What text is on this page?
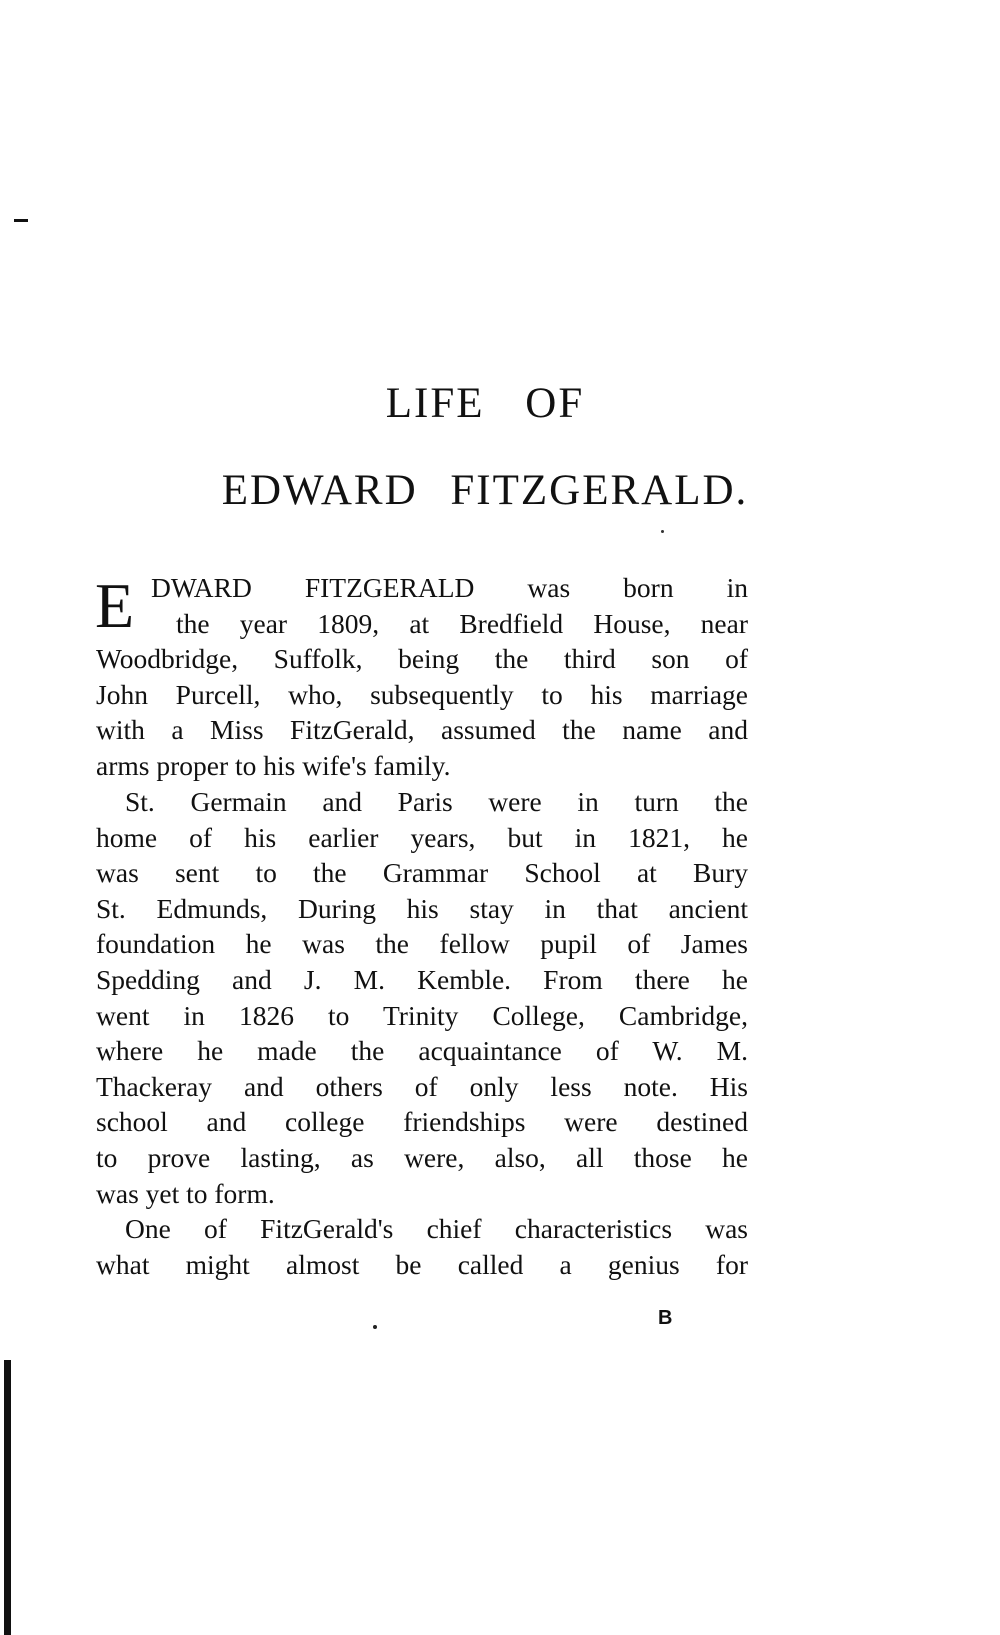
LIFE OF
EDWARD FITZGERALD.
E DWARD FITZGERALD was born in
the year 1809, at Bredfield House, near
Woodbridge, Suffolk, being the third son of
John Purcell, who, subsequently to his marriage
with a Miss FitzGerald, assumed the name and
arms proper to his wife's family.
St. Germain and Paris were in turn the
home of his earlier years, but in 1821, he
was sent to the Grammar School at Bury
St. Edmunds, During his stay in that ancient
foundation he was the fellow pupil of James
Spedding and J. M. Kemble. From there he
went in 1826 to Trinity College, Cambridge,
where he made the acquaintance of W. M.
Thackeray and others of only less note. His
school and college friendships were destined
to prove lasting, as were, also, all those he
was yet to form.
One of FitzGerald's chief characteristics was
what might almost be called a genius for
B
